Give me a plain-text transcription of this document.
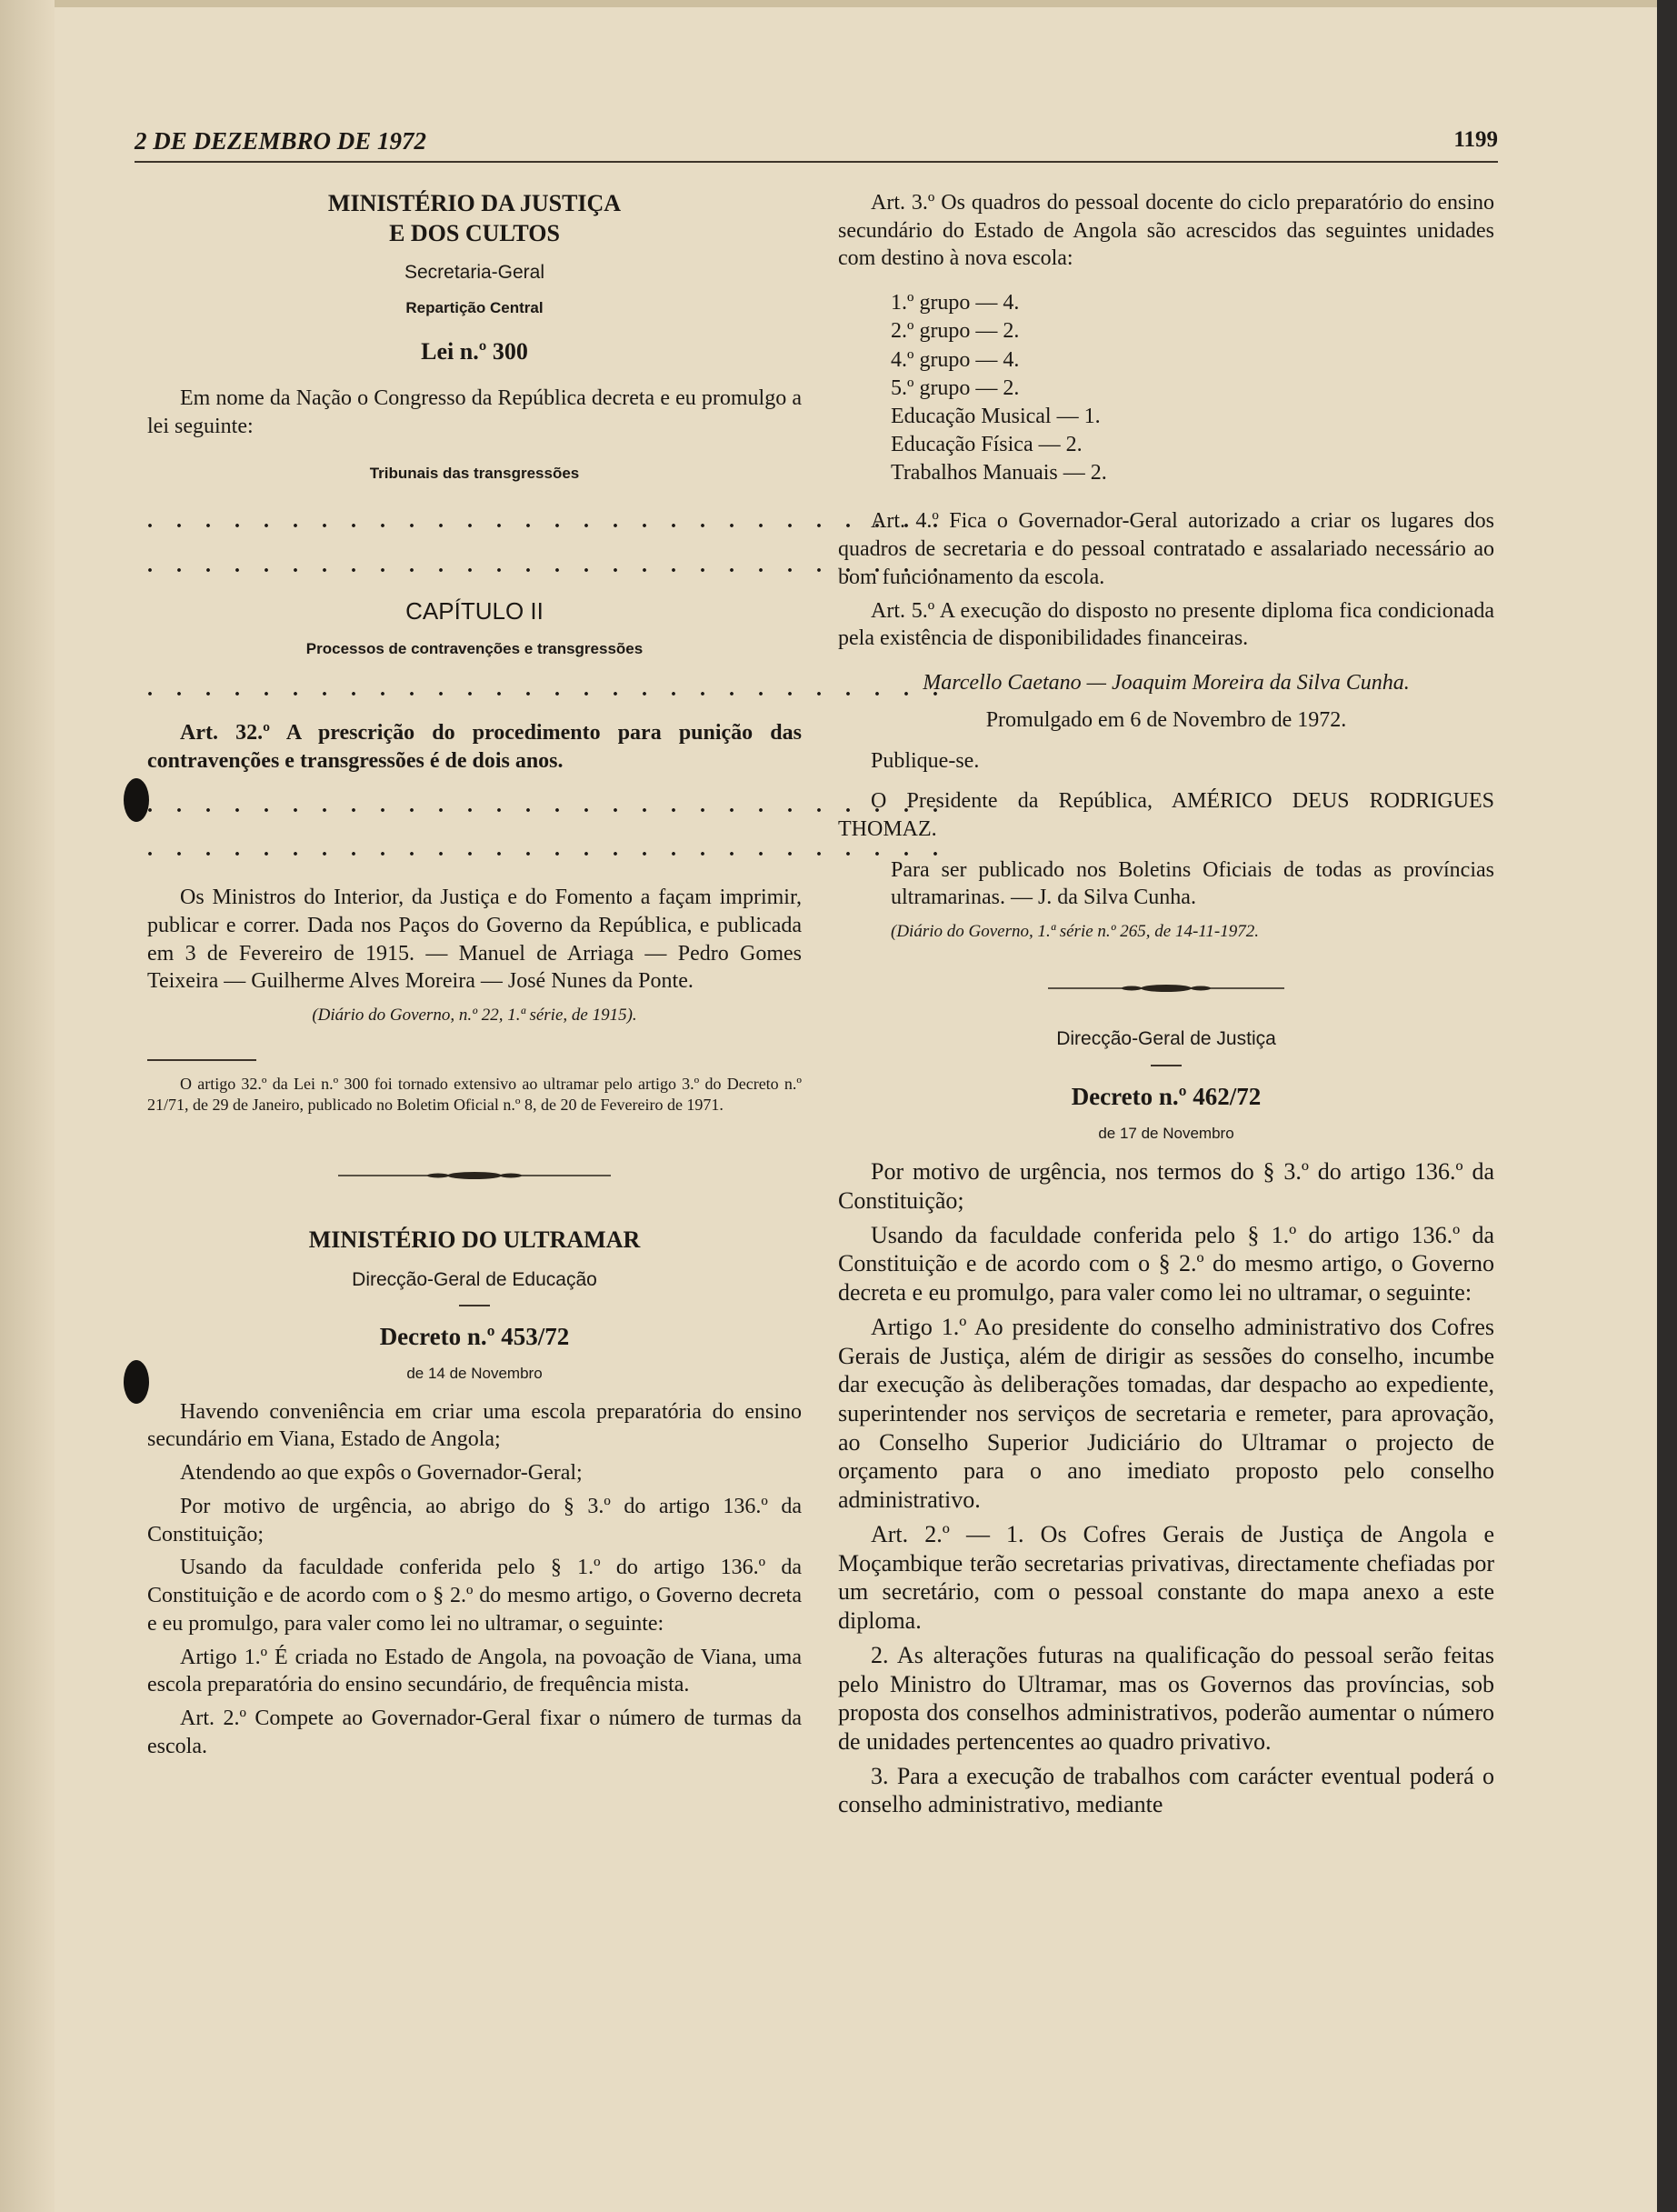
2 DE DEZEMBRO DE 1972	1199

MINISTÉRIO DA JUSTIÇA

E DOS CULTOS

Secretaria-Geral

Repartição Central

Lei n.º 300

Em nome da Nação o Congresso da República decreta e eu promulgo a lei seguinte:

Tribunais das transgressões

. . . . . . . . . . . . . . . . . . . . . . . . . . . .

. . . . . . . . . . . . . . . . . . . . . . . . . . . .

CAPÍTULO II

Processos de contravenções e transgressões

. . . . . . . . . . . . . . . . . . . . . . . . . . . .

Art. 32.º A prescrição do procedimento para punição das contravenções e transgressões é de dois anos.

. . . . . . . . . . . . . . . . . . . . . . . . . . . .

. . . . . . . . . . . . . . . . . . . . . . . . . . . .

Os Ministros do Interior, da Justiça e do Fomento a façam imprimir, publicar e correr. Dada nos Paços do Governo da República, e publicada em 3 de Fevereiro de 1915. — Manuel de Arriaga — Pedro Gomes Teixeira — Guilherme Alves Moreira — José Nunes da Ponte.

(Diário do Governo, n.º 22, 1.ª série, de 1915).

O artigo 32.º da Lei n.º 300 foi tornado extensivo ao ultramar pelo artigo 3.º do Decreto n.º 21/71, de 29 de Janeiro, publicado no Boletim Oficial n.º 8, de 20 de Fevereiro de 1971.

MINISTÉRIO DO ULTRAMAR

Direcção-Geral de Educação

Decreto n.º 453/72

de 14 de Novembro

Havendo conveniência em criar uma escola preparatória do ensino secundário em Viana, Estado de Angola;

Atendendo ao que expôs o Governador-Geral;

Por motivo de urgência, ao abrigo do § 3.º do artigo 136.º da Constituição;

Usando da faculdade conferida pelo § 1.º do artigo 136.º da Constituição e de acordo com o § 2.º do mesmo artigo, o Governo decreta e eu promulgo, para valer como lei no ultramar, o seguinte:

Artigo 1.º É criada no Estado de Angola, na povoação de Viana, uma escola preparatória do ensino secundário, de frequência mista.

Art. 2.º Compete ao Governador-Geral fixar o número de turmas da escola.

Art. 3.º Os quadros do pessoal docente do ciclo preparatório do ensino secundário do Estado de Angola são acrescidos das seguintes unidades com destino à nova escola:

1.º grupo — 4.
2.º grupo — 2.
4.º grupo — 4.
5.º grupo — 2.
Educação Musical — 1.
Educação Física — 2.
Trabalhos Manuais — 2.

Art. 4.º Fica o Governador-Geral autorizado a criar os lugares dos quadros de secretaria e do pessoal contratado e assalariado necessário ao bom funcionamento da escola.

Art. 5.º A execução do disposto no presente diploma fica condicionada pela existência de disponibilidades financeiras.

Marcello Caetano — Joaquim Moreira da Silva Cunha.

Promulgado em 6 de Novembro de 1972.

Publique-se.

O Presidente da República, AMÉRICO DEUS RODRIGUES THOMAZ.

Para ser publicado nos Boletins Oficiais de todas as províncias ultramarinas. — J. da Silva Cunha.

(Diário do Governo, 1.ª série n.º 265, de 14-11-1972.

Direcção-Geral de Justiça

Decreto n.º 462/72

de 17 de Novembro

Por motivo de urgência, nos termos do § 3.º do artigo 136.º da Constituição;

Usando da faculdade conferida pelo § 1.º do artigo 136.º da Constituição e de acordo com o § 2.º do mesmo artigo, o Governo decreta e eu promulgo, para valer como lei no ultramar, o seguinte:

Artigo 1.º Ao presidente do conselho administrativo dos Cofres Gerais de Justiça, além de dirigir as sessões do conselho, incumbe dar execução às deliberações tomadas, dar despacho ao expediente, superintender nos serviços de secretaria e remeter, para aprovação, ao Conselho Superior Judiciário do Ultramar o projecto de orçamento para o ano imediato proposto pelo conselho administrativo.

Art. 2.º — 1. Os Cofres Gerais de Justiça de Angola e Moçambique terão secretarias privativas, directamente chefiadas por um secretário, com o pessoal constante do mapa anexo a este diploma.

2. As alterações futuras na qualificação do pessoal serão feitas pelo Ministro do Ultramar, mas os Governos das províncias, sob proposta dos conselhos administrativos, poderão aumentar o número de unidades pertencentes ao quadro privativo.

3. Para a execução de trabalhos com carácter eventual poderá o conselho administrativo, mediante
